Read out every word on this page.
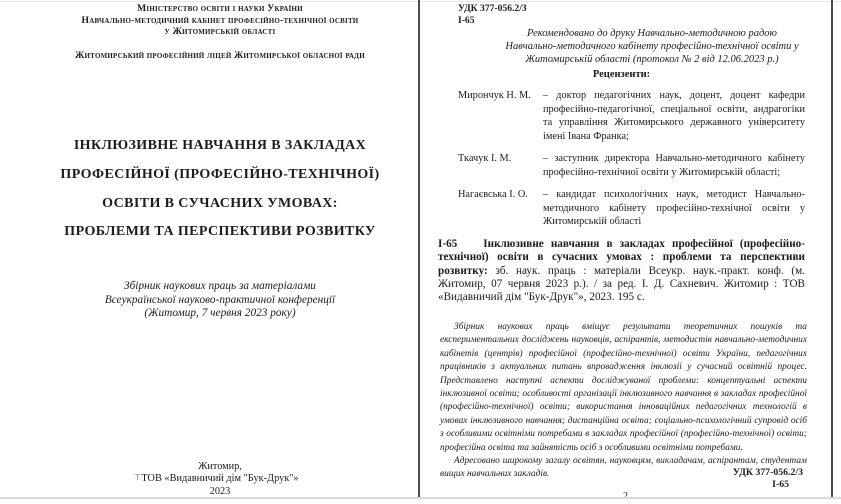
Міністерство освіти і науки України
Навчально-методичний кабінет професійно-технічної освіти
у Житомирській області
Житомирський професійний ліцей Житомирської обласної ради
ІНКЛЮЗИВНЕ НАВЧАННЯ В ЗАКЛАДАХ
ПРОФЕСІЙНОЇ (ПРОФЕСІЙНО-ТЕХНІЧНОЇ)
ОСВІТИ В СУЧАСНИХ УМОВАХ:
ПРОБЛЕМИ ТА ПЕРСПЕКТИВИ РОЗВИТКУ
Збірник наукових праць за матеріалами
Всеукраїнської науково-практичної конференції
(Житомир, 7 червня 2023 року)
Житомир,
ТОВ «Видавничий дім "Бук-Друк"»
2023
T
УДК 377-056.2/3
І-65
Рекомендовано до друку Навчально-методичною радою
Навчально-методичного кабінету професійно-технічної освіти у
Житомирській області (протокол № 2 від 12.06.2023 р.)
Рецензенти:
Мирончук Н. М.	– доктор педагогічних наук, доцент, доцент кафедри професійно-педагогічної, спеціальної освіти, андрагогіки та управління Житомирського державного університету імені Івана Франка;
Ткачук І. М.	– заступник директора Навчально-методичного кабінету професійно-технічної освіти у Житомирській області;
Нагаєвська І. О.	– кандидат психологічних наук, методист Навчально-методичного кабінету професійно-технічної освіти у Житомирській області
І-65 Інклюзивне навчання в закладах професійної (професійно-технічної) освіти в сучасних умовах : проблеми та перспективи розвитку: зб. наук. праць : матеріали Всеукр. наук.-практ. конф. (м. Житомир, 07 червня 2023 р.). / за ред. І. Д. Сахневич. Житомир : ТОВ «Видавничий дім "Бук-Друк"», 2023. 195 с.

Збірник наукових праць вміщує результати теоретичних пошуків та експериментальних досліджень науковців, аспірантів, методистів навчально-методичних кабінетів (центрів) професійної (професійно-технічної) освіти України, педагогічних працівників з актуальних питань впровадження інклюзії у сучасний освітній процес. Представлено наступні аспекти досліджуваної проблеми: концептуальні аспекти інклюзивної освіти; особливості організації інклюзивного навчання в закладах професійної (професійно-технічної) освіти; використання інноваційних педагогічних технологій в умовах інклюзивного навчання; дистанційна освіта; соціально-психологічний супровід осіб з особливими освітніми потребами в закладах професійної (професійно-технічної) освіти; професійна освіта та зайнятість осіб з особливими освітніми потребами.

Адресовано широкому загалу освітян, науковцям, викладачам, аспірантам, студентам вищих навчальних закладів.	УДК 377-056.2/3
І-65
